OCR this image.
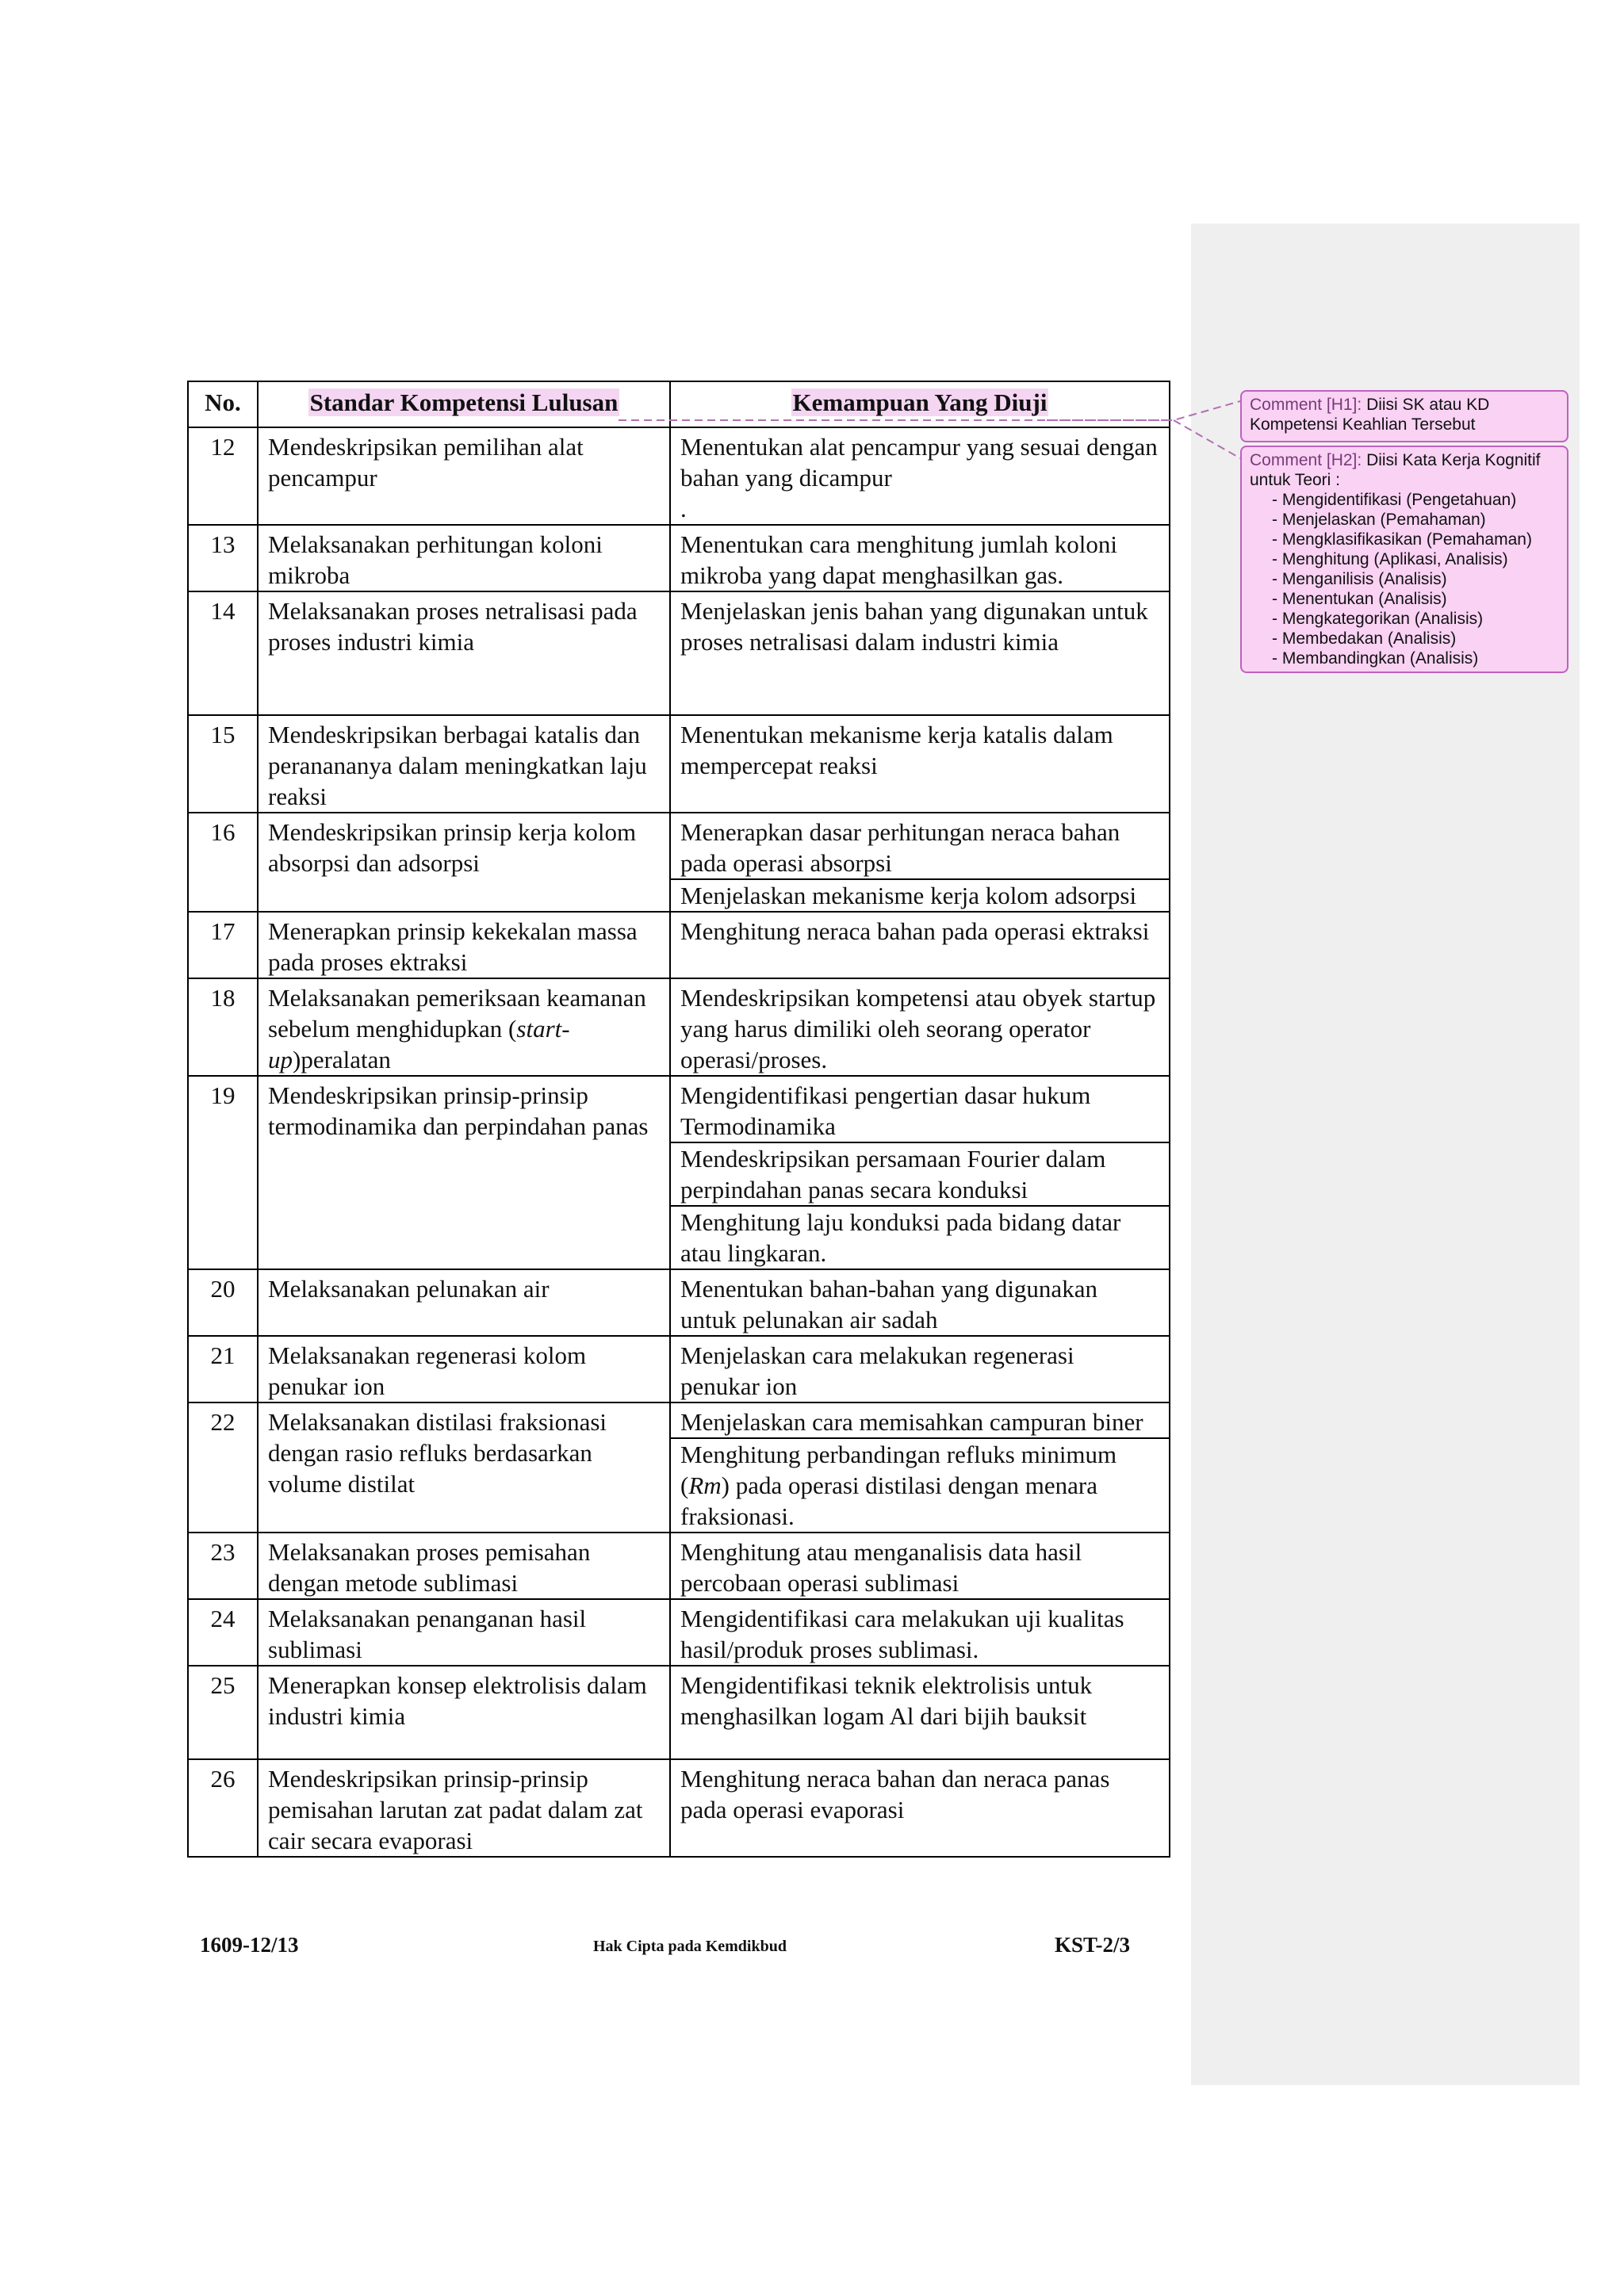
No.	Standar Kompetensi Lulusan	Kemampuan Yang Diuji
12	Mendeskripsikan pemilihan alat pencampur	Menentukan alat pencampur yang sesuai dengan bahan yang dicampur
.

13	Melaksanakan perhitungan koloni mikroba	Menentukan cara menghitung jumlah koloni mikroba yang dapat menghasilkan gas.

14	Melaksanakan proses netralisasi pada proses industri kimia	Menjelaskan jenis bahan yang digunakan untuk proses netralisasi dalam industri kimia

15	Mendeskripsikan berbagai katalis dan peranananya dalam meningkatkan laju reaksi	Menentukan mekanisme kerja katalis dalam mempercepat reaksi

16	Mendeskripsikan prinsip kerja kolom absorpsi dan adsorpsi	Menerapkan dasar perhitungan neraca bahan pada operasi absorpsi
Menjelaskan mekanisme kerja kolom adsorpsi

17	Menerapkan prinsip kekekalan massa pada proses ektraksi	Menghitung neraca bahan pada operasi ektraksi

18	Melaksanakan pemeriksaan keamanan sebelum menghidupkan (start-up)peralatan	Mendeskripsikan kompetensi atau obyek startup yang harus dimiliki oleh seorang operator operasi/proses.

19	Mendeskripsikan prinsip-prinsip termodinamika dan perpindahan panas	Mengidentifikasi pengertian dasar hukum Termodinamika
Mendeskripsikan persamaan Fourier dalam perpindahan panas secara konduksi
Menghitung laju konduksi pada bidang datar atau lingkaran.

20	Melaksanakan pelunakan air	Menentukan bahan-bahan yang digunakan untuk pelunakan air sadah

21	Melaksanakan regenerasi kolom penukar ion	Menjelaskan cara melakukan regenerasi penukar ion

22	Melaksanakan distilasi fraksionasi dengan rasio refluks berdasarkan volume distilat	Menjelaskan cara memisahkan campuran biner
Menghitung perbandingan refluks minimum (Rm) pada operasi distilasi dengan menara fraksionasi.

23	Melaksanakan proses pemisahan dengan metode sublimasi	Menghitung atau menganalisis data hasil percobaan operasi sublimasi

24	Melaksanakan penanganan hasil sublimasi	Mengidentifikasi cara melakukan uji kualitas hasil/produk proses sublimasi.

25	Menerapkan konsep elektrolisis dalam industri kimia	Mengidentifikasi teknik elektrolisis untuk menghasilkan logam Al dari bijih bauksit

26	Mendeskripsikan prinsip-prinsip pemisahan larutan zat padat dalam zat cair secara evaporasi	Menghitung neraca bahan dan neraca panas pada operasi evaporasi
1609-12/13	Hak Cipta pada Kemdikbud	KST-2/3
Comment [H1]: Diisi SK atau KD Kompetensi Keahlian Tersebut
Comment [H2]: Diisi Kata Kerja Kognitif untuk Teori :
- Mengidentifikasi (Pengetahuan)
- Menjelaskan (Pemahaman)
- Mengklasifikasikan (Pemahaman)
- Menghitung (Aplikasi, Analisis)
- Menganilisis (Analisis)
- Menentukan (Analisis)
- Mengkategorikan (Analisis)
- Membedakan (Analisis)
- Membandingkan (Analisis)
